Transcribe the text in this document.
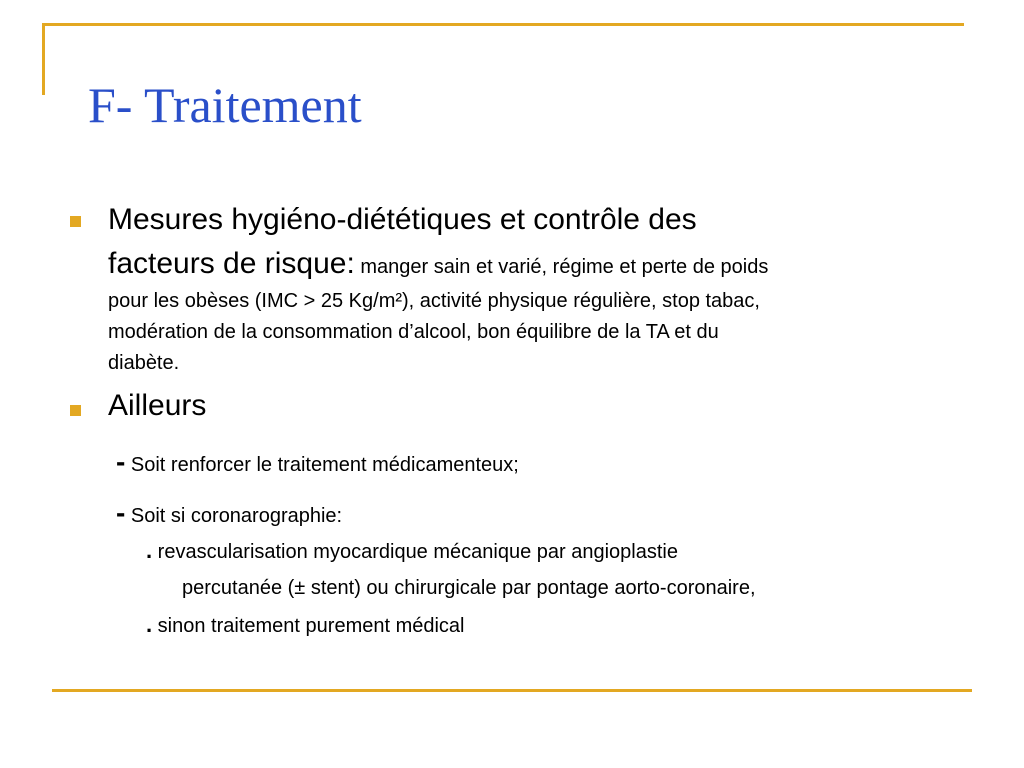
F- Traitement
Mesures hygiéno-diététiques et contrôle des
facteurs de risque: manger sain et varié, régime et perte de poids
pour les obèses (IMC > 25 Kg/m²), activité physique régulière, stop tabac,
modération de la consommation d’alcool, bon équilibre de la TA et du
diabète.
Ailleurs
- Soit renforcer le traitement médicamenteux;
- Soit si coronarographie:
. revascularisation myocardique mécanique par angioplastie
percutanée (± stent) ou chirurgicale par pontage aorto-coronaire,
. sinon traitement purement médical
